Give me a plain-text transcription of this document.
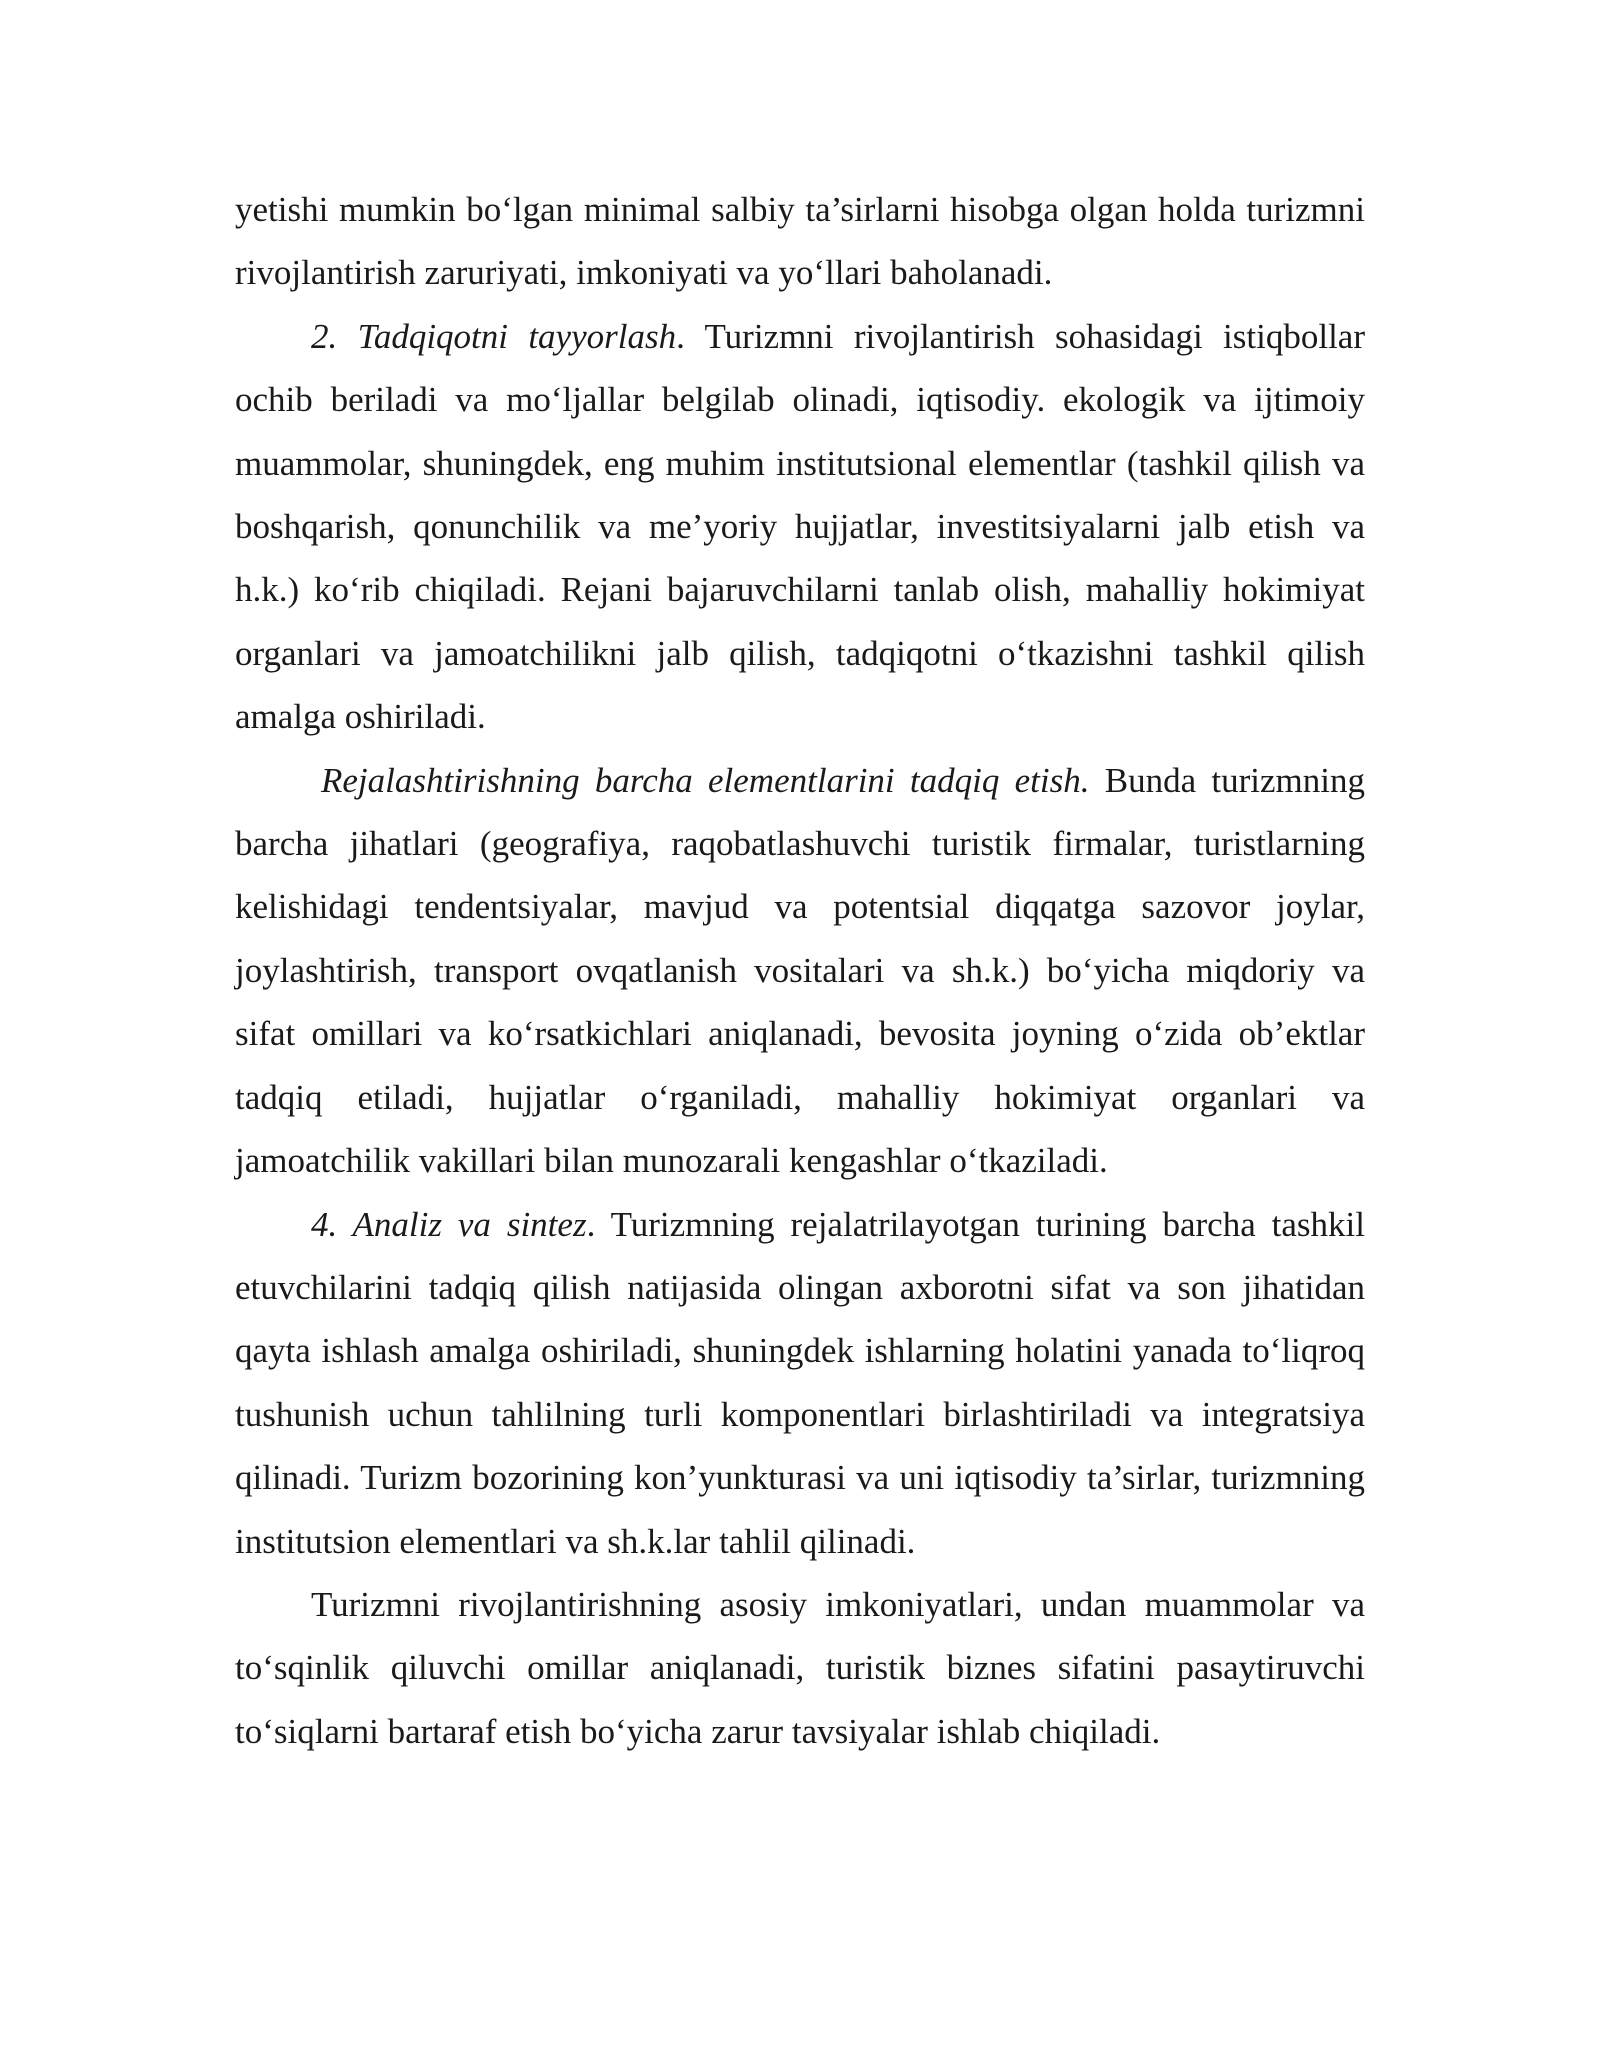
yetishi mumkin bo‘lgan minimal salbiy ta’sirlarni hisobga olgan holda turizmni rivojlantirish zaruriyati, imkoniyati va yo‘llari baholanadi.

2. Tadqiqotni tayyorlash. Turizmni rivojlantirish sohasidagi istiqbollar ochib beriladi va mo‘ljallar belgilab olinadi, iqtisodiy. ekologik va ijtimoiy muammolar, shuningdek, eng muhim institutsional elementlar (tashkil qilish va boshqarish, qonunchilik va me’yoriy hujjatlar, investitsiyalarni jalb etish va h.k.) ko‘rib chiqiladi. Rejani bajaruvchilarni tanlab olish, mahalliy hokimiyat organlari va jamoatchilikni jalb qilish, tadqiqotni o‘tkazishni tashkil qilish amalga oshiriladi.

Rejalashtirishning barcha elementlarini tadqiq etish. Bunda turizmning barcha jihatlari (geografiya, raqobatlashuvchi turistik firmalar, turistlarning kelishidagi tendentsiyalar, mavjud va potentsial diqqatga sazovor joylar, joylashtirish, transport ovqatlanish vositalari va sh.k.) bo‘yicha miqdoriy va sifat omillari va ko‘rsatkichlari aniqlanadi, bevosita joyning o‘zida ob’ektlar tadqiq etiladi, hujjatlar o‘rganiladi, mahalliy hokimiyat organlari va jamoatchilik vakillari bilan munozarali kengashlar o‘tkaziladi.

4. Analiz va sintez. Turizmning rejalatrilayotgan turining barcha tashkil etuvchilarini tadqiq qilish natijasida olingan axborotni sifat va son jihatidan qayta ishlash amalga oshiriladi, shuningdek ishlarning holatini yanada to‘liqroq tushunish uchun tahlilning turli komponentlari birlashtiriladi va integratsiya qilinadi. Turizm bozorining kon’yunkturasi va uni iqtisodiy ta’sirlar, turizmning institutsion elementlari va sh.k.lar tahlil qilinadi.

Turizmni rivojlantirishning asosiy imkoniyatlari, undan muammolar va to‘sqinlik qiluvchi omillar aniqlanadi, turistik biznes sifatini pasaytiruvchi to‘siqlarni bartaraf etish bo‘yicha zarur tavsiyalar ishlab chiqiladi.
